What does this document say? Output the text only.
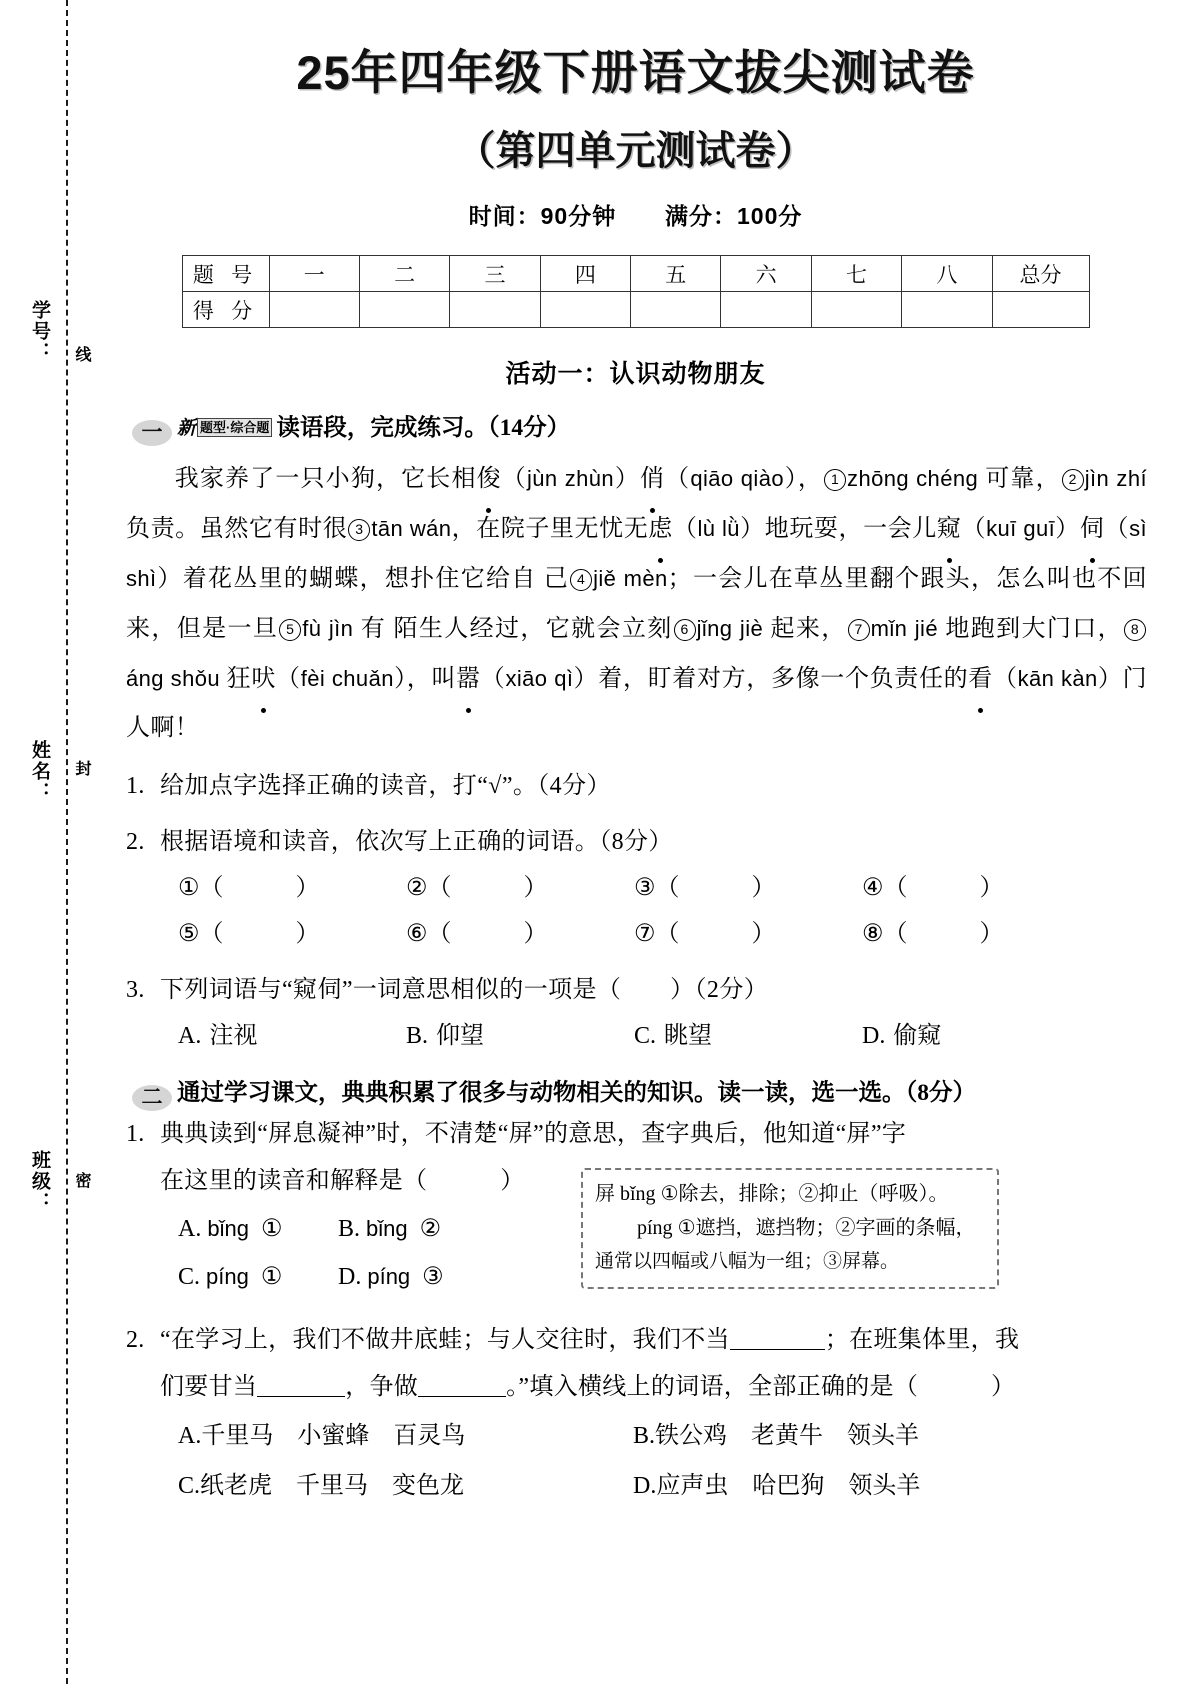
学号： 线
姓名： 封
班级： 密
25年四年级下册语文拔尖测试卷
（第四单元测试卷）
时间：90分钟 满分：100分
题 号	一	二	三	四	五	六	七	八	总分
得 分									
活动一：认识动物朋友
一 新 题型·综合题 读语段，完成练习。（14分）
我家养了一只小狗，它长相俊（jùn zhùn）俏（qiāo qiào）， 1 zhōng chéng 可靠， 2 jìn zhí 负责。虽然它有时很 3 tān wán，在院子里无忧无虑（lù lǜ）地玩耍，一会儿窥（kuī guī）伺（sì shì）着花丛里的蝴蝶，想扑住它给自 己 4 jiě mèn；一会儿在草丛里翻个跟头，怎么叫也不回来，但是一旦 5 fù jìn 有 陌生人经过，它就会立刻 6 jǐng jiè 起来， 7 mǐn jié 地跑到大门口， 8áng shǒu 狂吠（fèi chuǎn），叫嚣（xiāo qì）着，盯着对方，多像一个负责任的看（kān kàn）门人啊！
1. 给加点字选择正确的读音，打“√”。（4分）
2. 根据语境和读音，依次写上正确的词语。（8分）
①（　　　）	②（　　　）	③（　　　）	④（　　　）
⑤（　　　）	⑥（　　　）	⑦（　　　）	⑧（　　　）
3. 下列词语与“窥伺”一词意思相似的一项是（　　）（2分）
A. 注视	B. 仰望	C. 眺望	D. 偷窥
二 通过学习课文，典典积累了很多与动物相关的知识。读一读，选一选。（8分）
1. 典典读到“屏息凝神”时，不清楚“屏”的意思，查字典后，他知道“屏”字
在这里的读音和解释是（　　　）
A. bǐng ①	B. bǐng ②
C. píng ①	D. píng ③
2. “在学习上，我们不做井底蛙；与人交往时，我们不当	；在班集体里，我
们要甘当	，争做	。”填入横线上的词语，全部正确的是（　　　）
A.千里马　小蜜蜂　百灵鸟	B.铁公鸡　老黄牛　领头羊
C.纸老虎　千里马　变色龙	D.应声虫　哈巴狗　领头羊
屏 bǐng ①除去，排除；②抑止（呼吸）。
píng ①遮挡，遮挡物；②字画的条幅，
通常以四幅或八幅为一组；③屏幕。
